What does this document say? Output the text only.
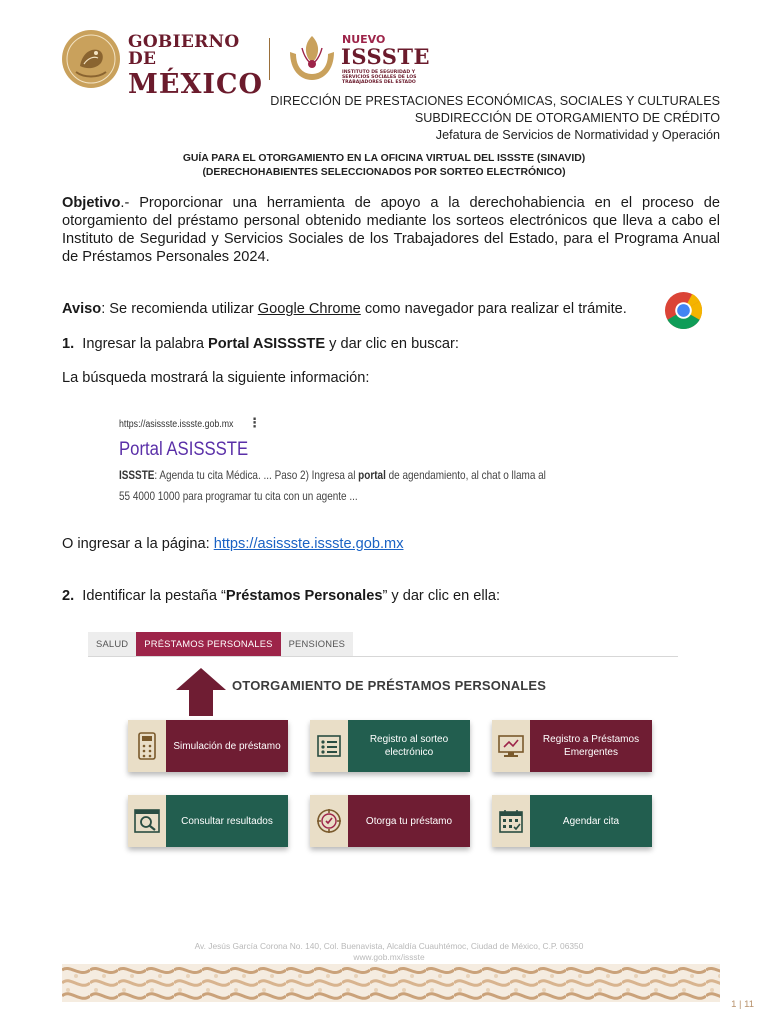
GOBIERNO DE
MÉXICO
NUEVO
ISSSTE
INSTITUTO DE SEGURIDAD Y SERVICIOS SOCIALES DE LOS TRABAJADORES DEL ESTADO
DIRECCIÓN DE PRESTACIONES ECONÓMICAS, SOCIALES Y CULTURALES
SUBDIRECCIÓN DE OTORGAMIENTO DE CRÉDITO
Jefatura de Servicios de Normatividad y Operación
GUÍA PARA EL OTORGAMIENTO EN LA OFICINA VIRTUAL DEL ISSSTE (SINAVID)
(DERECHOHABIENTES SELECCIONADOS POR SORTEO ELECTRÓNICO)
Objetivo.- Proporcionar una herramienta de apoyo a la derechohabiencia en el proceso de otorgamiento del préstamo personal obtenido mediante los sorteos electrónicos que lleva a cabo el Instituto de Seguridad y Servicios Sociales de los Trabajadores del Estado, para el Programa Anual de Préstamos Personales 2024.
Aviso: Se recomienda utilizar Google Chrome como navegador para realizar el trámite.
1. Ingresar la palabra Portal ASISSSTE y dar clic en buscar:
La búsqueda mostrará la siguiente información:
https://asissste.issste.gob.mx ⋮
Portal ASISSSTE
ISSSTE: Agenda tu cita Médica. ... Paso 2) Ingresa al portal de agendamiento, al chat o llama al
55 4000 1000 para programar tu cita con un agente ...
O ingresar a la página: https://asissste.issste.gob.mx
2. Identificar la pestaña “Préstamos Personales” y dar clic en ella:
SALUD	PRÉSTAMOS PERSONALES	PENSIONES
OTORGAMIENTO DE PRÉSTAMOS PERSONALES
Simulación de préstamo
Registro al sorteo electrónico
Registro a Préstamos Emergentes
Consultar resultados	Otorga tu préstamo	Agendar cita
Av. Jesús García Corona No. 140, Col. Buenavista, Alcaldía Cuauhtémoc, Ciudad de México, C.P. 06350
www.gob.mx/issste
1 | 11
